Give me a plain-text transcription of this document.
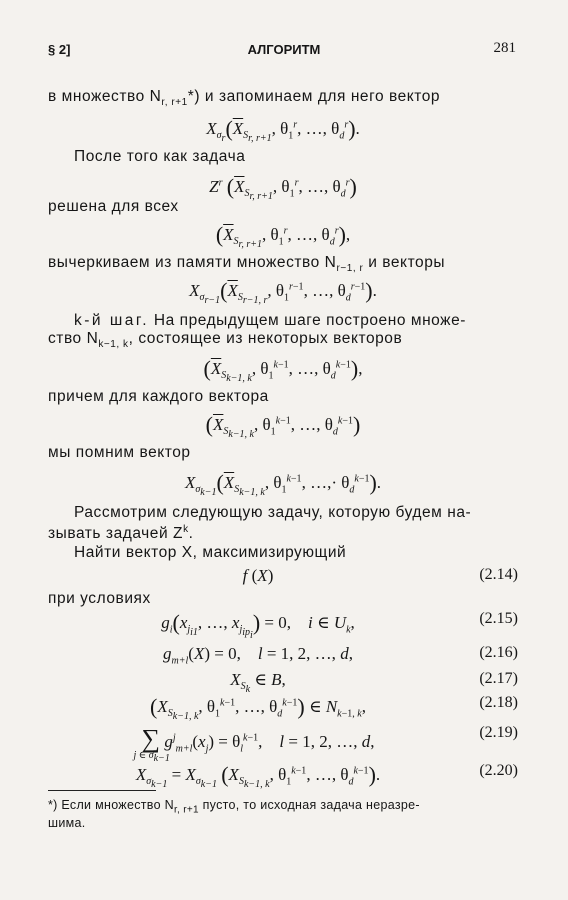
§ 2]	АЛГОРИТМ	281
в множество $N_{r, r+1}*$) и запоминаем для него вектор
$X_{\sigma_r}(\overline{X}_{S_{r, r+1}}$, $\theta_1^r$, …, $\theta_d^r$).
После того как задача
$Z^r$ ($\overline{X}_{S_{r, r+1}}$, $\theta_1^r$, …, $\theta_d^r$)
решена для всех
($\overline{X}_{S_{r, r+1}}$, $\theta_1^r$, …, $\theta_d^r$),
вычеркиваем из памяти множество $N_{r-1, r}$ и векторы
$X_{\sigma_{r-1}}(\overline{X}_{S_{r-1, r}}$, $\theta_1^{r-1}$, …, $\theta_d^{r-1}$).
k-й шаг. На предыдущем шаге построено множе-
ство $N_{k-1, k}$, состоящее из некоторых векторов
($\overline{X}_{S_{k-1, k}}$, $\theta_1^{k-1}$, …, $\theta_d^{k-1}$),
причем для каждого вектора
($\overline{X}_{S_{k-1, k}}$, $\theta_1^{k-1}$, …, $\theta_d^{k-1}$)
мы помним вектор
$X_{\sigma_{k-1}}(\overline{X}_{S_{k-1, k}}$, $\theta_1^{k-1}$, …,· $\theta_d^{k-1}$).
Рассмотрим следующую задачу, которую будем на-
зывать задачей $Z^k$.
Найти вектор X, максимизирующий
f (X)	(2.14)
при условиях
$g_i(x_{j_{i1}}$, …, $x_{j_{ip_i}}) = 0$,    i ∈ $U_k$,	(2.15)
$g_{m+l}(X) = 0$,    l = 1, 2, …, d,	(2.16)
$X_{S_k}$ ∈ B,	(2.17)
($X_{S_{k-1, k}}$, $\theta_1^{k-1}$, …, $\theta_d^{k-1}$) ∈ $N_{k-1, k}$,	(2.18)
∑
j ∈ $\sigma_{k-1}$
$g^j_{m+l}(x_j) = \theta_l^{k-1}$,    l = 1, 2, …, d,	(2.19)
$X_{\sigma_{k-1}} = X_{\sigma_{k-1}}$ ($X_{S_{k-1, k}}$, $\theta_1^{k-1}$, …, $\theta_d^{k-1}$).	(2.20)
*) Если множество $N_{r, r+1}$ пусто, то исходная задача неразре-
шима.
